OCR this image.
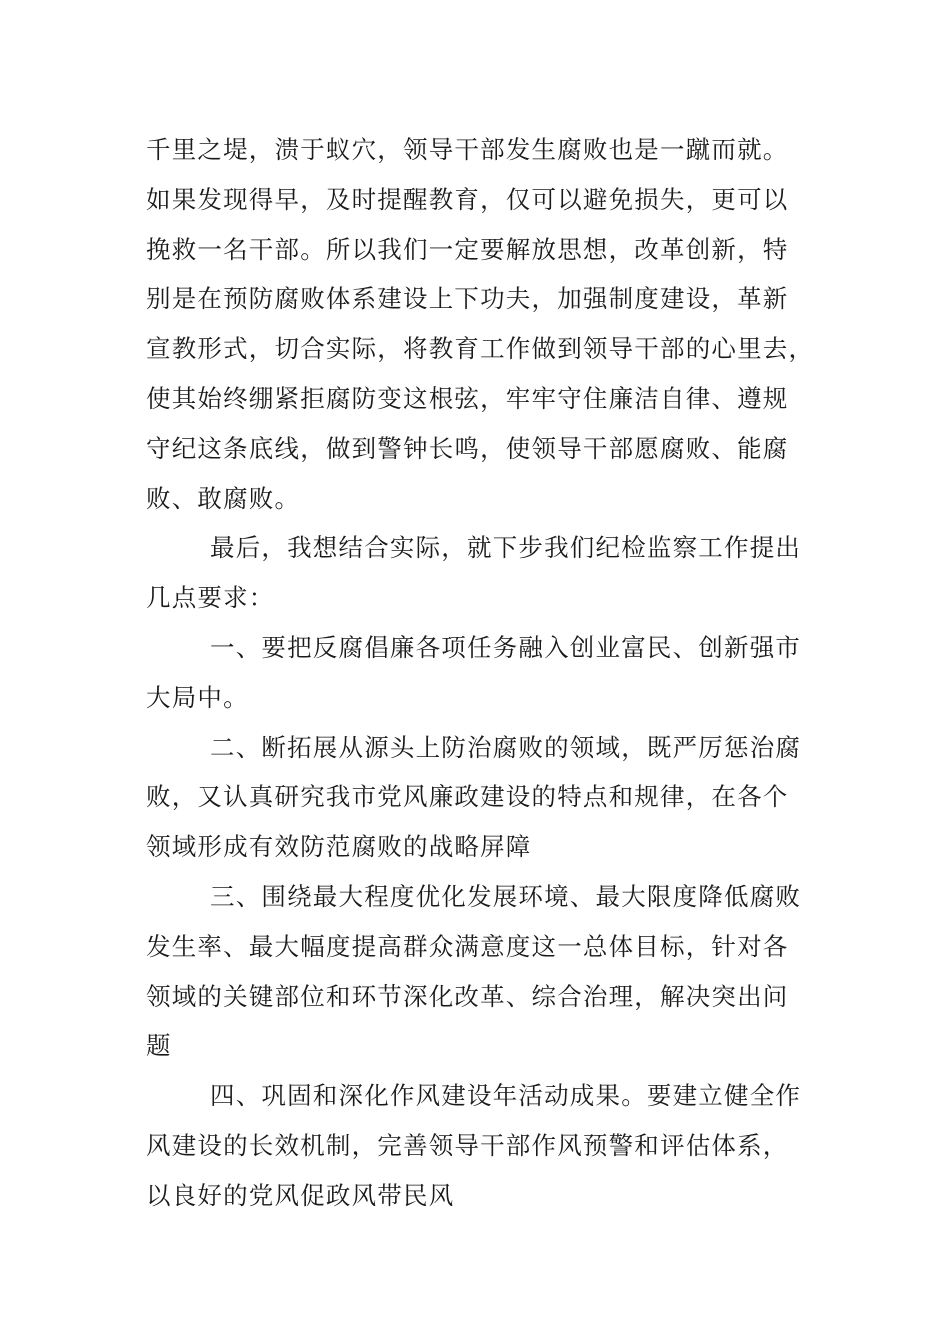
千里之堤，溃于蚁穴，领导干部发生腐败也是一蹴而就。
如果发现得早，及时提醒教育，仅可以避免损失，更可以
挽救一名干部。所以我们一定要解放思想，改革创新，特
别是在预防腐败体系建设上下功夫，加强制度建设，革新
宣教形式，切合实际，将教育工作做到领导干部的心里去，
使其始终绷紧拒腐防变这根弦，牢牢守住廉洁自律、遵规
守纪这条底线，做到警钟长鸣，使领导干部愿腐败、能腐
败、敢腐败。
最后，我想结合实际，就下步我们纪检监察工作提出
几点要求：
一、要把反腐倡廉各项任务融入创业富民、创新强市
大局中。
二、断拓展从源头上防治腐败的领域，既严厉惩治腐
败，又认真研究我市党风廉政建设的特点和规律，在各个
领域形成有效防范腐败的战略屏障
三、围绕最大程度优化发展环境、最大限度降低腐败
发生率、最大幅度提高群众满意度这一总体目标，针对各
领域的关键部位和环节深化改革、综合治理，解决突出问
题
四、巩固和深化作风建设年活动成果。要建立健全作
风建设的长效机制，完善领导干部作风预警和评估体系，
以良好的党风促政风带民风
